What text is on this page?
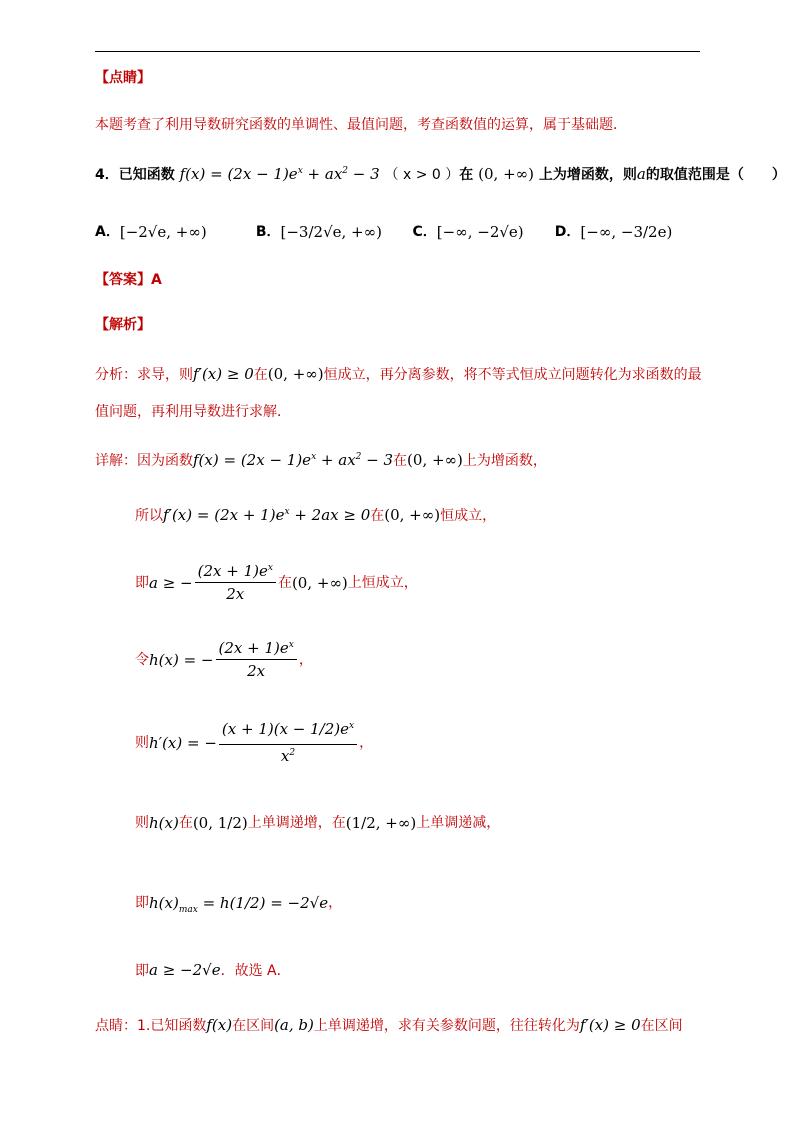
【点睛】
本题考查了利用导数研究函数的单调性、最值问题，考查函数值的运算，属于基础题．
4．已知函数 $f(x) = (2x - 1)e^x + ax^2 - 3$ （ x > 0 ）在 (0, +∞) 上为增函数，则a的取值范围是（　　）
A． [−2√e, +∞)	B． [−3/2√e, +∞) C． [−∞, −2√e)	D． [−∞, −3/2e)
【答案】A
【解析】
分析：求导，则f′(x) ≥ 0在(0, +∞)恒成立，再分离参数，将不等式恒成立问题转化为求函数的最
值问题，再利用导数进行求解．
详解：因为函数$f(x) = (2x - 1)e^x + ax^2 - 3$在(0, +∞)上为增函数，
所以$f'(x) = (2x + 1)e^x + 2ax \ge 0$在(0, +∞)恒成立，
即 a ≥ − $\frac{(2x + 1)e^x}{2x}$ 在 (0, +∞) 上恒成立，
令 h(x) = − $\frac{(2x + 1)e^x}{2x}$ ，
则 h′(x) = − $\frac{(x + 1)(x - 1/2)e^x}{x^2}$ ，
则 h(x) 在 (0, 1/2) 上单调递增，在 (1/2, +∞) 上单调递减，
即 $h(x)_{max} = h(1/2) = -2√e$ ，
即a ≥ −2√e．故选 A．
点睛：1.已知函数f(x)在区间(a, b)上单调递增，求有关参数问题，往往转化为f′(x) ≥ 0在区间
